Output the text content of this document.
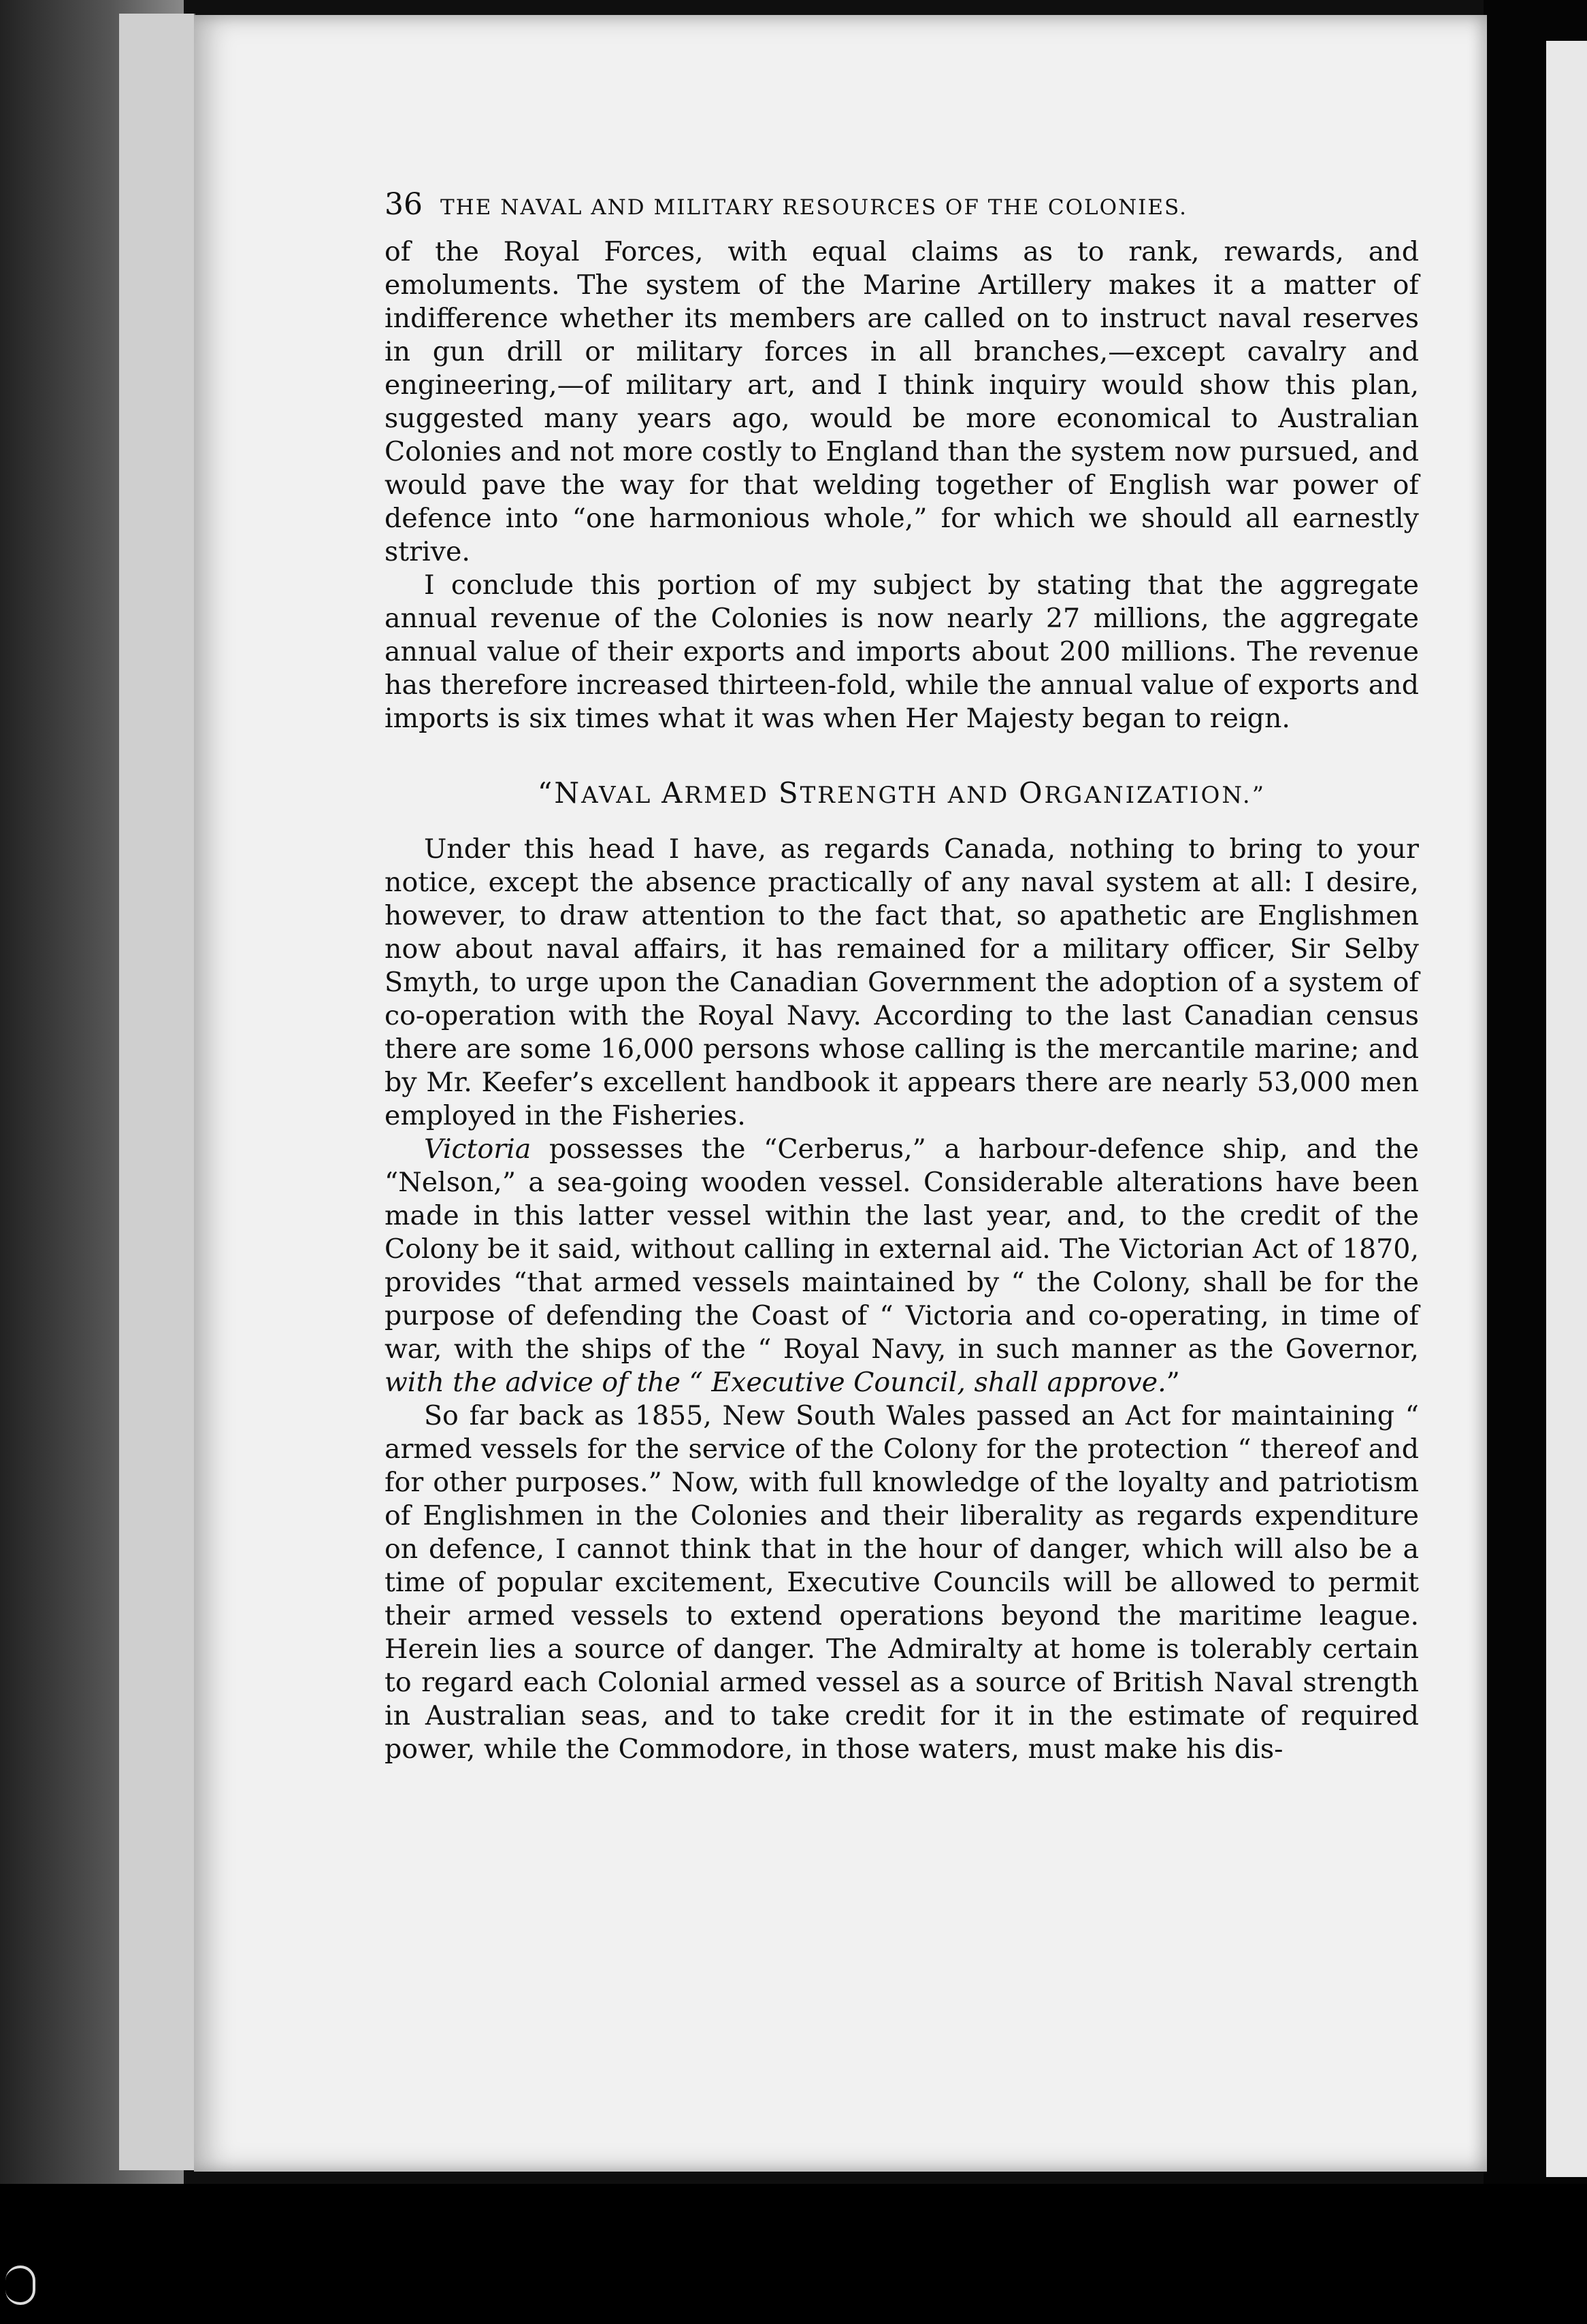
36 THE NAVAL AND MILITARY RESOURCES OF THE COLONIES.

of the Royal Forces, with equal claims as to rank, rewards, and emoluments. The system of the Marine Artillery makes it a matter of indifference whether its members are called on to instruct naval reserves in gun drill or military forces in all branches,—except cavalry and engineering,—of military art, and I think inquiry would show this plan, suggested many years ago, would be more economical to Australian Colonies and not more costly to England than the system now pursued, and would pave the way for that welding together of English war power of defence into “one harmonious whole,” for which we should all earnestly strive.

I conclude this portion of my subject by stating that the aggregate annual revenue of the Colonies is now nearly 27 millions, the aggregate annual value of their exports and imports about 200 millions. The revenue has therefore increased thirteen-fold, while the annual value of exports and imports is six times what it was when Her Majesty began to reign.

“NAVAL ARMED STRENGTH AND ORGANIZATION.”

Under this head I have, as regards Canada, nothing to bring to your notice, except the absence practically of any naval system at all: I desire, however, to draw attention to the fact that, so apathetic are Englishmen now about naval affairs, it has remained for a military officer, Sir Selby Smyth, to urge upon the Canadian Government the adoption of a system of co-operation with the Royal Navy. According to the last Canadian census there are some 16,000 persons whose calling is the mercantile marine; and by Mr. Keefer’s excellent handbook it appears there are nearly 53,000 men employed in the Fisheries.

Victoria possesses the “Cerberus,” a harbour-defence ship, and the “Nelson,” a sea-going wooden vessel. Considerable alterations have been made in this latter vessel within the last year, and, to the credit of the Colony be it said, without calling in external aid. The Victorian Act of 1870, provides “that armed vessels maintained by “ the Colony, shall be for the purpose of defending the Coast of “ Victoria and co-operating, in time of war, with the ships of the “ Royal Navy, in such manner as the Governor, with the advice of the “ Executive Council, shall approve.”

So far back as 1855, New South Wales passed an Act for maintaining “ armed vessels for the service of the Colony for the protection “ thereof and for other purposes.” Now, with full knowledge of the loyalty and patriotism of Englishmen in the Colonies and their liberality as regards expenditure on defence, I cannot think that in the hour of danger, which will also be a time of popular excitement, Executive Councils will be allowed to permit their armed vessels to extend operations beyond the maritime league. Herein lies a source of danger. The Admiralty at home is tolerably certain to regard each Colonial armed vessel as a source of British Naval strength in Australian seas, and to take credit for it in the estimate of required power, while the Commodore, in those waters, must make his dis-
